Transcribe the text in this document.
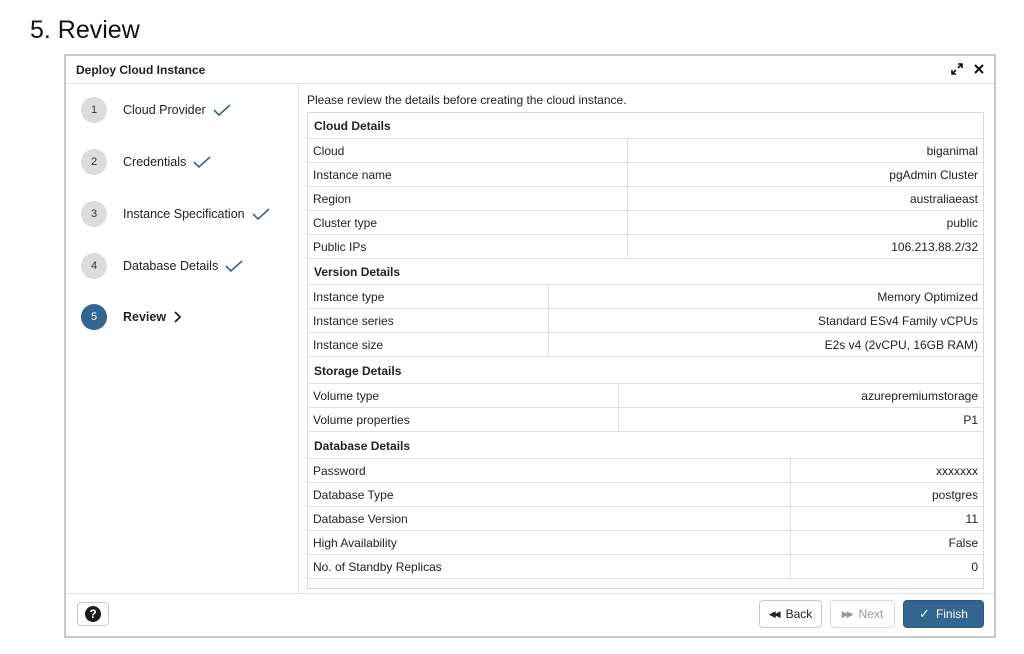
5. Review
Deploy Cloud Instance
1	Cloud Provider
2	Credentials
3	Instance Specification
4	Database Details
5	Review
Please review the details before creating the cloud instance.
Cloud Details
Cloud	biganimal
Instance name	pgAdmin Cluster
Region	australiaeast
Cluster type	public
Public IPs	106.213.88.2/32
Version Details
Instance type	Memory Optimized
Instance series	Standard ESv4 Family vCPUs
Instance size	E2s v4 (2vCPU, 16GB RAM)
Storage Details
Volume type	azurepremiumstorage
Volume properties	P1
Database Details
Password	xxxxxxx
Database Type	postgres
Database Version	11
High Availability	False
No. of Standby Replicas	0
?	◀◀ Back	▶▶ Next	✓ Finish
